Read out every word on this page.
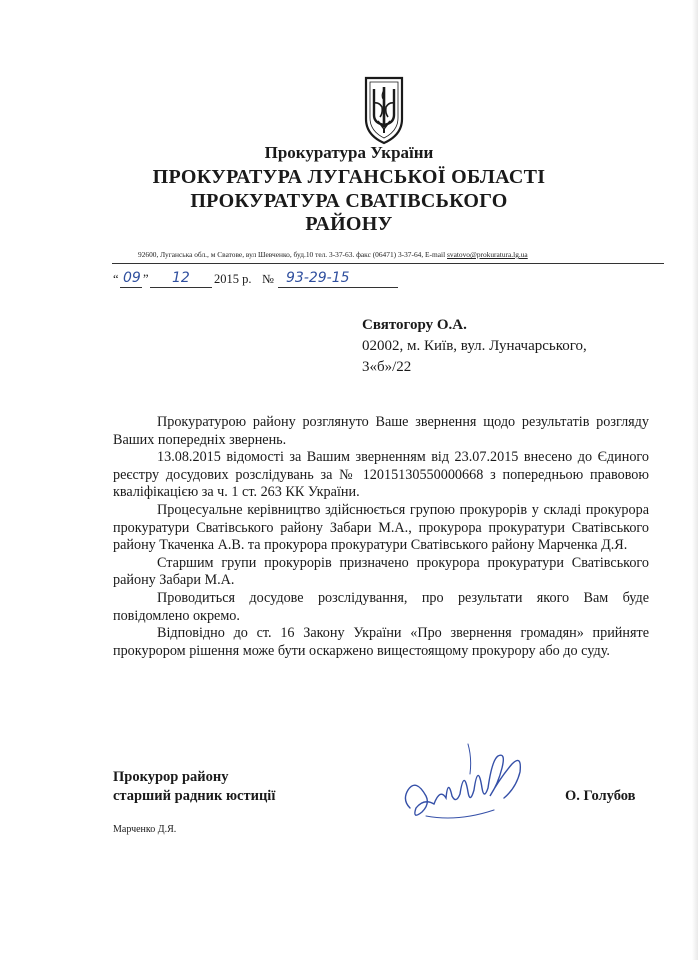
Прокуратура України
ПРОКУРАТУРА ЛУГАНСЬКОЇ ОБЛАСТІ
ПРОКУРАТУРА СВАТІВСЬКОГО
РАЙОНУ
92600, Луганська обл., м Сватове, вул Шевченко, буд.10 тел. 3-37-63. факс (06471) 3-37-64, E-mail svatovo@prokuratura.lg.ua
“ 09 ” 12 2015 р. № 93-29-15
Святогору О.А.
02002, м. Київ, вул. Луначарського,
3«б»/22

Прокуратурою району розглянуто Ваше звернення щодо результатів розгляду Ваших попередніх звернень.

13.08.2015 відомості за Вашим зверненням від 23.07.2015 внесено до Єдиного реєстру досудових розслідувань за № 12015130550000668 з попередньою правовою кваліфікацією за ч. 1 ст. 263 КК України.

Процесуальне керівництво здійснюється групою прокурорів у складі прокурора прокуратури Сватівського району Забари М.А., прокурора прокуратури Сватівського району Ткаченка А.В. та прокурора прокуратури Сватівського району Марченка Д.Я.

Старшим групи прокурорів призначено прокурора прокуратури Сватівського району Забари М.А.

Проводиться досудове розслідування, про результати якого Вам буде повідомлено окремо.

Відповідно до ст. 16 Закону України «Про звернення громадян» прийняте прокурором рішення може бути оскаржено вищестоящому прокурору або до суду.

Прокурор району
старший радник юстиції	О. Голубов
Марченко Д.Я.
